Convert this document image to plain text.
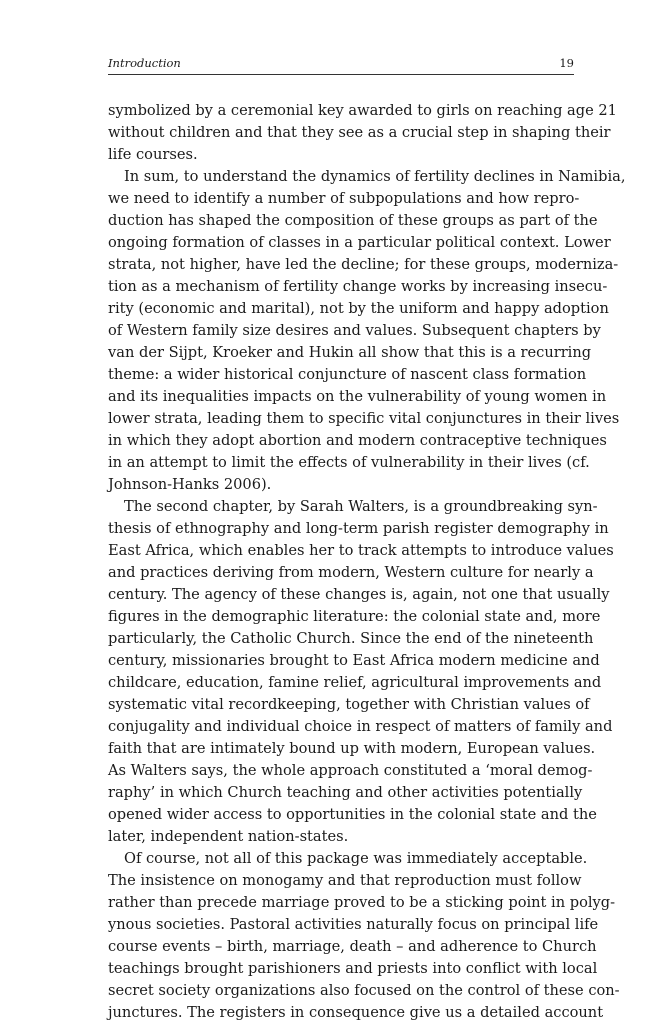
Introduction	19
symbolized by a ceremonial key awarded to girls on reaching age 21
without children and that they see as a crucial step in shaping their
life courses.
In sum, to understand the dynamics of fertility declines in Namibia,
we need to identify a number of subpopulations and how repro-
duction has shaped the composition of these groups as part of the
ongoing formation of classes in a particular political context. Lower
strata, not higher, have led the decline; for these groups, moderniza-
tion as a mechanism of fertility change works by increasing insecu-
rity (economic and marital), not by the uniform and happy adoption
of Western family size desires and values. Subsequent chapters by
van der Sijpt, Kroeker and Hukin all show that this is a recurring
theme: a wider historical conjuncture of nascent class formation
and its inequalities impacts on the vulnerability of young women in
lower strata, leading them to specific vital conjunctures in their lives
in which they adopt abortion and modern contraceptive techniques
in an attempt to limit the effects of vulnerability in their lives (cf.
Johnson-Hanks 2006).
The second chapter, by Sarah Walters, is a groundbreaking syn-
thesis of ethnography and long-term parish register demography in
East Africa, which enables her to track attempts to introduce values
and practices deriving from modern, Western culture for nearly a
century. The agency of these changes is, again, not one that usually
figures in the demographic literature: the colonial state and, more
particularly, the Catholic Church. Since the end of the nineteenth
century, missionaries brought to East Africa modern medicine and
childcare, education, famine relief, agricultural improvements and
systematic vital recordkeeping, together with Christian values of
conjugality and individual choice in respect of matters of family and
faith that are intimately bound up with modern, European values.
As Walters says, the whole approach constituted a ‘moral demog-
raphy’ in which Church teaching and other activities potentially
opened wider access to opportunities in the colonial state and the
later, independent nation-states.
Of course, not all of this package was immediately acceptable.
The insistence on monogamy and that reproduction must follow
rather than precede marriage proved to be a sticking point in polyg-
ynous societies. Pastoral activities naturally focus on principal life
course events – birth, marriage, death – and adherence to Church
teachings brought parishioners and priests into conflict with local
secret society organizations also focused on the control of these con-
junctures. The registers in consequence give us a detailed account
